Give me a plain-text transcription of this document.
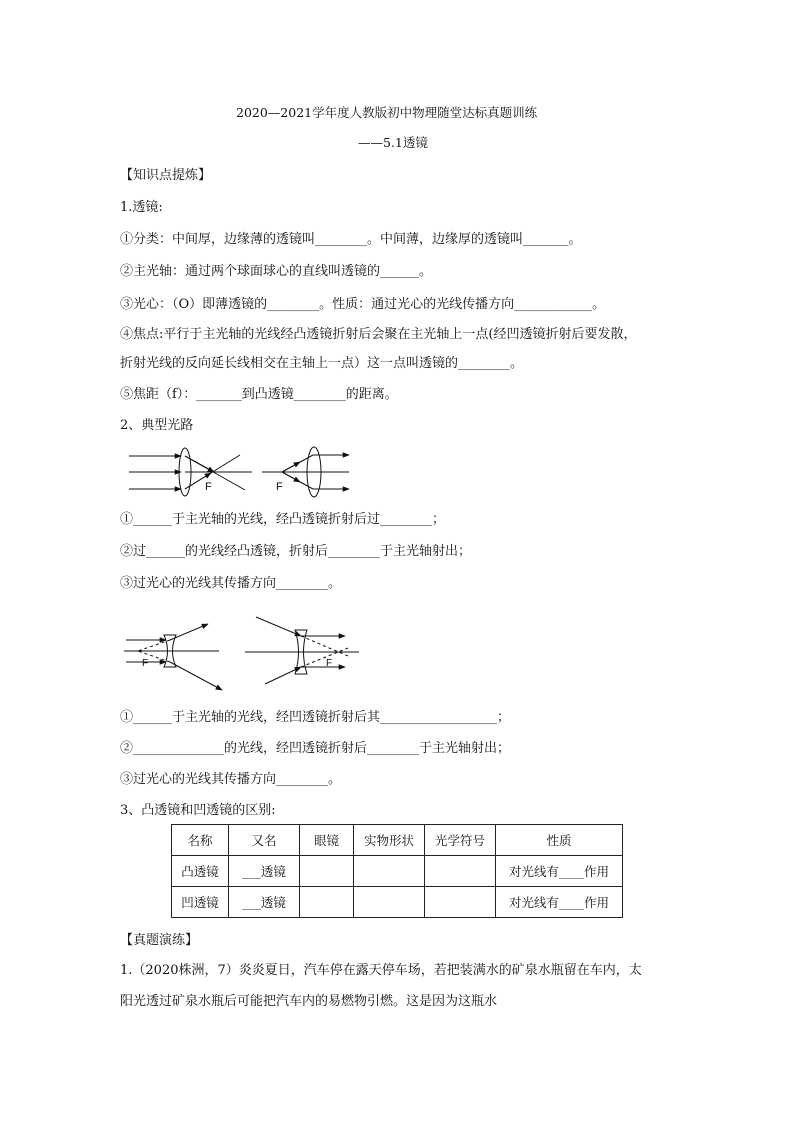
2020—2021学年度人教版初中物理随堂达标真题训练
——5.1透镜
【知识点提炼】
1.透镜:
①分类：中间厚，边缘薄的透镜叫________。中间薄，边缘厚的透镜叫_______。
②主光轴：通过两个球面球心的直线叫透镜的______。
③光心：（O）即薄透镜的________。性质：通过光心的光线传播方向____________。
④焦点:平行于主光轴的光线经凸透镜折射后会聚在主光轴上一点(经凹透镜折射后要发散，
折射光线的反向延长线相交在主轴上一点）这一点叫透镜的________。
⑤焦距（f）：_______到凸透镜________的距离。
2、典型光路
F	F
①______于主光轴的光线，经凸透镜折射后过________；
②过______的光线经凸透镜，折射后________于主光轴射出；
③过光心的光线其传播方向________。
F	F
①______于主光轴的光线，经凹透镜折射后其__________________；
②______________的光线，经凹透镜折射后________于主光轴射出；
③过光心的光线其传播方向________。
3、凸透镜和凹透镜的区别:
名称	又名	眼镜	实物形状	光学符号	性质
凸透镜	___透镜				对光线有____作用
凹透镜	___透镜				对光线有____作用
【真题演练】
1.（2020株洲，7）炎炎夏日，汽车停在露天停车场，若把装满水的矿泉水瓶留在车内，太
阳光透过矿泉水瓶后可能把汽车内的易燃物引燃。这是因为这瓶水
